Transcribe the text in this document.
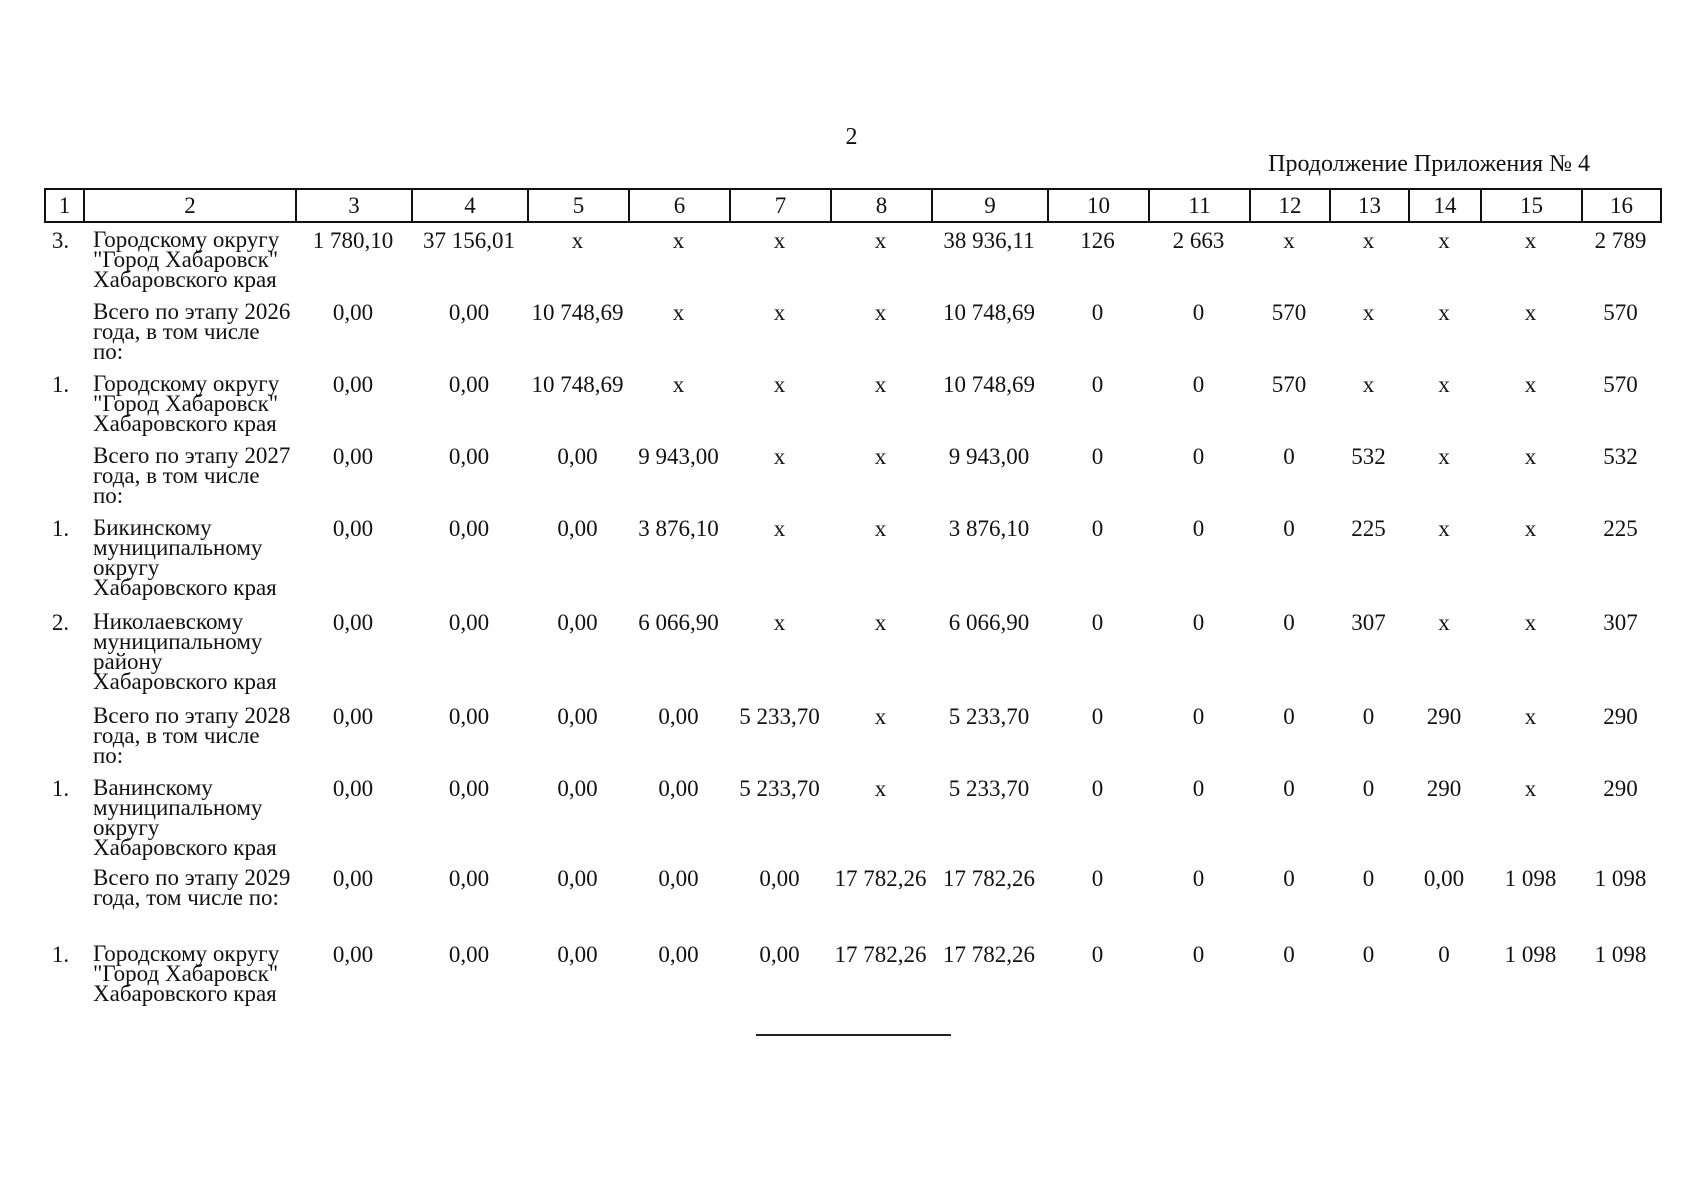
2
Продолжение Приложения № 4
1	2	3	4	5	6	7	8	9	10	11	12	13	14	15	16
3.	Городскому округу "Город Хабаровск" Хабаровского края	1 780,10	37 156,01	х	х	х	х	38 936,11	126	2 663	х	х	х	х	2 789
	Всего по этапу 2026 года, в том числе по:	0,00	0,00	10 748,69	х	х	х	10 748,69	0	0	570	х	х	х	570
1.	Городскому округу "Город Хабаровск" Хабаровского края	0,00	0,00	10 748,69	х	х	х	10 748,69	0	0	570	х	х	х	570
	Всего по этапу 2027 года, в том числе по:	0,00	0,00	0,00	9 943,00	х	х	9 943,00	0	0	0	532	х	х	532
1.	Бикинскому муниципальному округу Хабаровского края	0,00	0,00	0,00	3 876,10	х	х	3 876,10	0	0	0	225	х	х	225
2.	Николаевскому муниципальному району Хабаровского края	0,00	0,00	0,00	6 066,90	х	х	6 066,90	0	0	0	307	х	х	307
	Всего по этапу 2028 года, в том числе по:	0,00	0,00	0,00	0,00	5 233,70	х	5 233,70	0	0	0	0	290	х	290
1.	Ванинскому муниципальному округу Хабаровского края	0,00	0,00	0,00	0,00	5 233,70	х	5 233,70	0	0	0	0	290	х	290
	Всего по этапу 2029 года, том числе по:	0,00	0,00	0,00	0,00	0,00	17 782,26	17 782,26	0	0	0	0	0,00	1 098	1 098
1.	Городскому округу "Город Хабаровск" Хабаровского края	0,00	0,00	0,00	0,00	0,00	17 782,26	17 782,26	0	0	0	0	0	1 098	1 098
